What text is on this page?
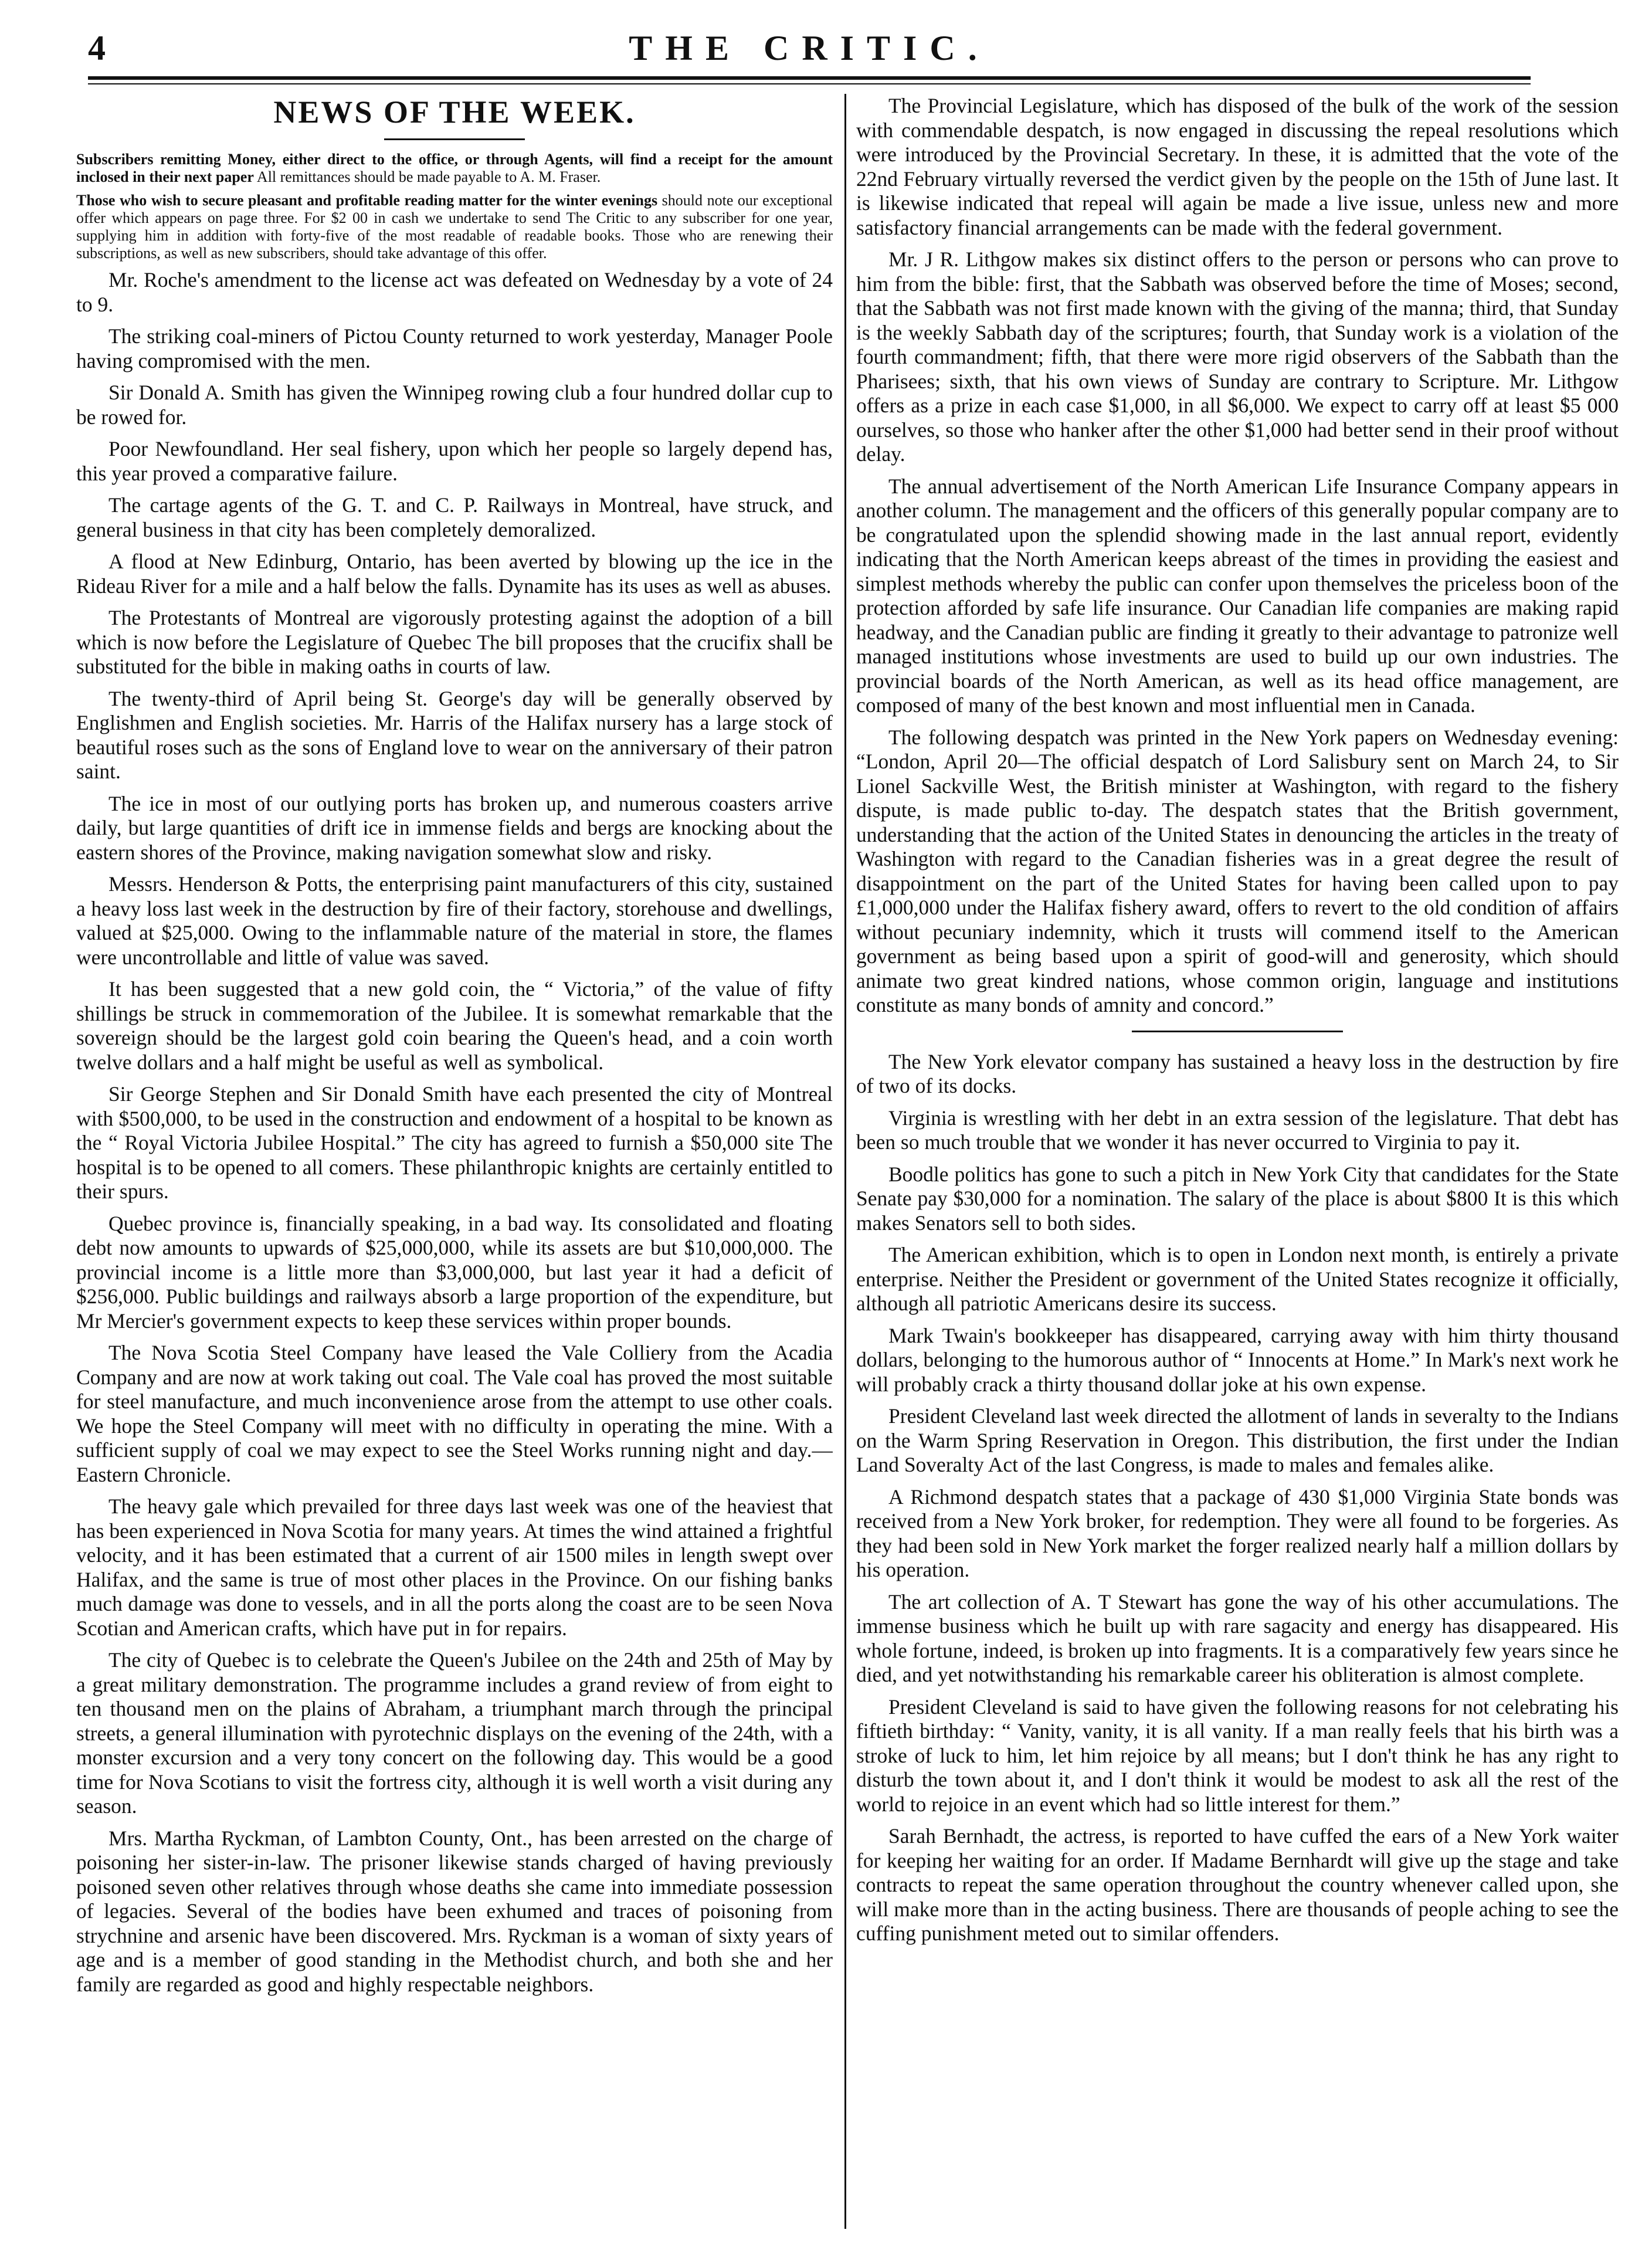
4	THE CRITIC.
NEWS OF THE WEEK.

Subscribers remitting Money, either direct to the office, or through Agents, will find a receipt for the amount inclosed in their next paper All remittances should be made payable to A. M. Fraser.

Those who wish to secure pleasant and profitable reading matter for the winter evenings should note our exceptional offer which appears on page three. For $2 00 in cash we undertake to send The Critic to any subscriber for one year, supplying him in addition with forty-five of the most readable of readable books. Those who are renewing their subscriptions, as well as new subscribers, should take advantage of this offer.

Mr. Roche's amendment to the license act was defeated on Wednesday by a vote of 24 to 9.

The striking coal-miners of Pictou County returned to work yesterday, Manager Poole having compromised with the men.

Sir Donald A. Smith has given the Winnipeg rowing club a four hundred dollar cup to be rowed for.

Poor Newfoundland. Her seal fishery, upon which her people so largely depend has, this year proved a comparative failure.

The cartage agents of the G. T. and C. P. Railways in Montreal, have struck, and general business in that city has been completely demoralized.

A flood at New Edinburg, Ontario, has been averted by blowing up the ice in the Rideau River for a mile and a half below the falls. Dynamite has its uses as well as abuses.

The Protestants of Montreal are vigorously protesting against the adoption of a bill which is now before the Legislature of Quebec The bill proposes that the crucifix shall be substituted for the bible in making oaths in courts of law.

The twenty-third of April being St. George's day will be generally observed by Englishmen and English societies. Mr. Harris of the Halifax nursery has a large stock of beautiful roses such as the sons of England love to wear on the anniversary of their patron saint.

The ice in most of our outlying ports has broken up, and numerous coasters arrive daily, but large quantities of drift ice in immense fields and bergs are knocking about the eastern shores of the Province, making navigation somewhat slow and risky.

Messrs. Henderson & Potts, the enterprising paint manufacturers of this city, sustained a heavy loss last week in the destruction by fire of their factory, storehouse and dwellings, valued at $25,000. Owing to the inflammable nature of the material in store, the flames were uncontrollable and little of value was saved.

It has been suggested that a new gold coin, the “ Victoria,” of the value of fifty shillings be struck in commemoration of the Jubilee. It is somewhat remarkable that the sovereign should be the largest gold coin bearing the Queen's head, and a coin worth twelve dollars and a half might be useful as well as symbolical.

Sir George Stephen and Sir Donald Smith have each presented the city of Montreal with $500,000, to be used in the construction and endowment of a hospital to be known as the “ Royal Victoria Jubilee Hospital.” The city has agreed to furnish a $50,000 site The hospital is to be opened to all comers. These philanthropic knights are certainly entitled to their spurs.

Quebec province is, financially speaking, in a bad way. Its consolidated and floating debt now amounts to upwards of $25,000,000, while its assets are but $10,000,000. The provincial income is a little more than $3,000,000, but last year it had a deficit of $256,000. Public buildings and railways absorb a large proportion of the expenditure, but Mr Mercier's government expects to keep these services within proper bounds.

The Nova Scotia Steel Company have leased the Vale Colliery from the Acadia Company and are now at work taking out coal. The Vale coal has proved the most suitable for steel manufacture, and much inconvenience arose from the attempt to use other coals. We hope the Steel Company will meet with no difficulty in operating the mine. With a sufficient supply of coal we may expect to see the Steel Works running night and day.—Eastern Chronicle.

The heavy gale which prevailed for three days last week was one of the heaviest that has been experienced in Nova Scotia for many years. At times the wind attained a frightful velocity, and it has been estimated that a current of air 1500 miles in length swept over Halifax, and the same is true of most other places in the Province. On our fishing banks much damage was done to vessels, and in all the ports along the coast are to be seen Nova Scotian and American crafts, which have put in for repairs.

The city of Quebec is to celebrate the Queen's Jubilee on the 24th and 25th of May by a great military demonstration. The programme includes a grand review of from eight to ten thousand men on the plains of Abraham, a triumphant march through the principal streets, a general illumination with pyrotechnic displays on the evening of the 24th, with a monster excursion and a very tony concert on the following day. This would be a good time for Nova Scotians to visit the fortress city, although it is well worth a visit during any season.

Mrs. Martha Ryckman, of Lambton County, Ont., has been arrested on the charge of poisoning her sister-in-law. The prisoner likewise stands charged of having previously poisoned seven other relatives through whose deaths she came into immediate possession of legacies. Several of the bodies have been exhumed and traces of poisoning from strychnine and arsenic have been discovered. Mrs. Ryckman is a woman of sixty years of age and is a member of good standing in the Methodist church, and both she and her family are regarded as good and highly respectable neighbors.

The Provincial Legislature, which has disposed of the bulk of the work of the session with commendable despatch, is now engaged in discussing the repeal resolutions which were introduced by the Provincial Secretary. In these, it is admitted that the vote of the 22nd February virtually reversed the verdict given by the people on the 15th of June last. It is likewise indicated that repeal will again be made a live issue, unless new and more satisfactory financial arrangements can be made with the federal government.

Mr. J R. Lithgow makes six distinct offers to the person or persons who can prove to him from the bible: first, that the Sabbath was observed before the time of Moses; second, that the Sabbath was not first made known with the giving of the manna; third, that Sunday is the weekly Sabbath day of the scriptures; fourth, that Sunday work is a violation of the fourth commandment; fifth, that there were more rigid observers of the Sabbath than the Pharisees; sixth, that his own views of Sunday are contrary to Scripture. Mr. Lithgow offers as a prize in each case $1,000, in all $6,000. We expect to carry off at least $5 000 ourselves, so those who hanker after the other $1,000 had better send in their proof without delay.

The annual advertisement of the North American Life Insurance Company appears in another column. The management and the officers of this generally popular company are to be congratulated upon the splendid showing made in the last annual report, evidently indicating that the North American keeps abreast of the times in providing the easiest and simplest methods whereby the public can confer upon themselves the priceless boon of the protection afforded by safe life insurance. Our Canadian life companies are making rapid headway, and the Canadian public are finding it greatly to their advantage to patronize well managed institutions whose investments are used to build up our own industries. The provincial boards of the North American, as well as its head office management, are composed of many of the best known and most influential men in Canada.

The following despatch was printed in the New York papers on Wednesday evening: “London, April 20—The official despatch of Lord Salisbury sent on March 24, to Sir Lionel Sackville West, the British minister at Washington, with regard to the fishery dispute, is made public to-day. The despatch states that the British government, understanding that the action of the United States in denouncing the articles in the treaty of Washington with regard to the Canadian fisheries was in a great degree the result of disappointment on the part of the United States for having been called upon to pay £1,000,000 under the Halifax fishery award, offers to revert to the old condition of affairs without pecuniary indemnity, which it trusts will commend itself to the American government as being based upon a spirit of good-will and generosity, which should animate two great kindred nations, whose common origin, language and institutions constitute as many bonds of amnity and concord.”

The New York elevator company has sustained a heavy loss in the destruction by fire of two of its docks.

Virginia is wrestling with her debt in an extra session of the legislature. That debt has been so much trouble that we wonder it has never occurred to Virginia to pay it.

Boodle politics has gone to such a pitch in New York City that candidates for the State Senate pay $30,000 for a nomination. The salary of the place is about $800 It is this which makes Senators sell to both sides.

The American exhibition, which is to open in London next month, is entirely a private enterprise. Neither the President or government of the United States recognize it officially, although all patriotic Americans desire its success.

Mark Twain's bookkeeper has disappeared, carrying away with him thirty thousand dollars, belonging to the humorous author of “ Innocents at Home.” In Mark's next work he will probably crack a thirty thousand dollar joke at his own expense.

President Cleveland last week directed the allotment of lands in severalty to the Indians on the Warm Spring Reservation in Oregon. This distribution, the first under the Indian Land Soveralty Act of the last Congress, is made to males and females alike.

A Richmond despatch states that a package of 430 $1,000 Virginia State bonds was received from a New York broker, for redemption. They were all found to be forgeries. As they had been sold in New York market the forger realized nearly half a million dollars by his operation.

The art collection of A. T Stewart has gone the way of his other accumulations. The immense business which he built up with rare sagacity and energy has disappeared. His whole fortune, indeed, is broken up into fragments. It is a comparatively few years since he died, and yet notwithstanding his remarkable career his obliteration is almost complete.

President Cleveland is said to have given the following reasons for not celebrating his fiftieth birthday: “ Vanity, vanity, it is all vanity. If a man really feels that his birth was a stroke of luck to him, let him rejoice by all means; but I don't think he has any right to disturb the town about it, and I don't think it would be modest to ask all the rest of the world to rejoice in an event which had so little interest for them.”

Sarah Bernhadt, the actress, is reported to have cuffed the ears of a New York waiter for keeping her waiting for an order. If Madame Bernhardt will give up the stage and take contracts to repeat the same operation throughout the country whenever called upon, she will make more than in the acting business. There are thousands of people aching to see the cuffing punishment meted out to similar offenders.
